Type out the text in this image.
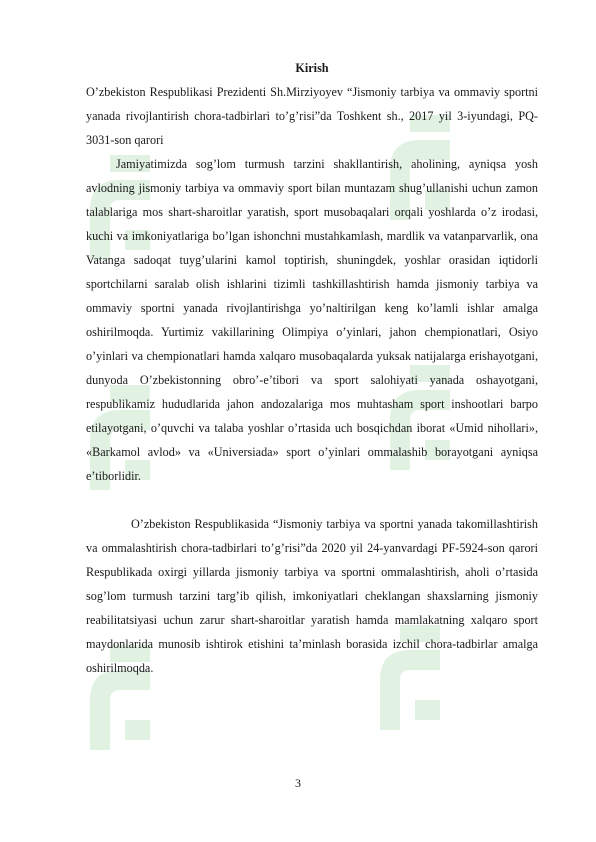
Kirish

O’zbekiston Respublikasi Prezidenti Sh.Mirziyoyev “Jismoniy tarbiya va ommaviy sportni yanada rivojlantirish chora-tadbirlari to’g’risi”da Toshkent sh., 2017 yil 3-iyundagi, PQ-3031-son qarori

Jamiyatimizda sog’lom turmush tarzini shakllantirish, aholining, ayniqsa yosh avlodning jismoniy tarbiya va ommaviy sport bilan muntazam shug’ullanishi uchun zamon talablariga mos shart-sharoitlar yaratish, sport musobaqalari orqali yoshlarda o’z irodasi, kuchi va imkoniyatlariga bo’lgan ishonchni mustahkamlash, mardlik va vatanparvarlik, ona Vatanga sadoqat tuyg’ularini kamol toptirish, shuningdek, yoshlar orasidan iqtidorli sportchilarni saralab olish ishlarini tizimli tashkillashtirish hamda jismoniy tarbiya va ommaviy sportni yanada rivojlantirishga yo’naltirilgan keng ko’lamli ishlar amalga oshirilmoqda. Yurtimiz vakillarining Olimpiya o’yinlari, jahon chempionatlari, Osiyo o’yinlari va chempionatlari hamda xalqaro musobaqalarda yuksak natijalarga erishayotgani, dunyoda O’zbekistonning obro’-e’tibori va sport salohiyati yanada oshayotgani, respublikamiz hududlarida jahon andozalariga mos muhtasham sport inshootlari barpo etilayotgani, o’quvchi va talaba yoshlar o’rtasida uch bosqichdan iborat «Umid nihollari», «Barkamol avlod» va «Universiada» sport o’yinlari ommalashib borayotgani ayniqsa e’tiborlidir.

O’zbekiston Respublikasida “Jismoniy tarbiya va sportni yanada takomillashtirish va ommalashtirish chora-tadbirlari to’g’risi”da 2020 yil 24-yanvardagi PF-5924-son qarori Respublikada oxirgi yillarda jismoniy tarbiya va sportni ommalashtirish, aholi o’rtasida sog’lom turmush tarzini targ’ib qilish, imkoniyatlari cheklangan shaxslarning jismoniy reabilitatsiyasi uchun zarur shart-sharoitlar yaratish hamda mamlakatning xalqaro sport maydonlarida munosib ishtirok etishini ta’minlash borasida izchil chora-tadbirlar amalga oshirilmoqda.

3
